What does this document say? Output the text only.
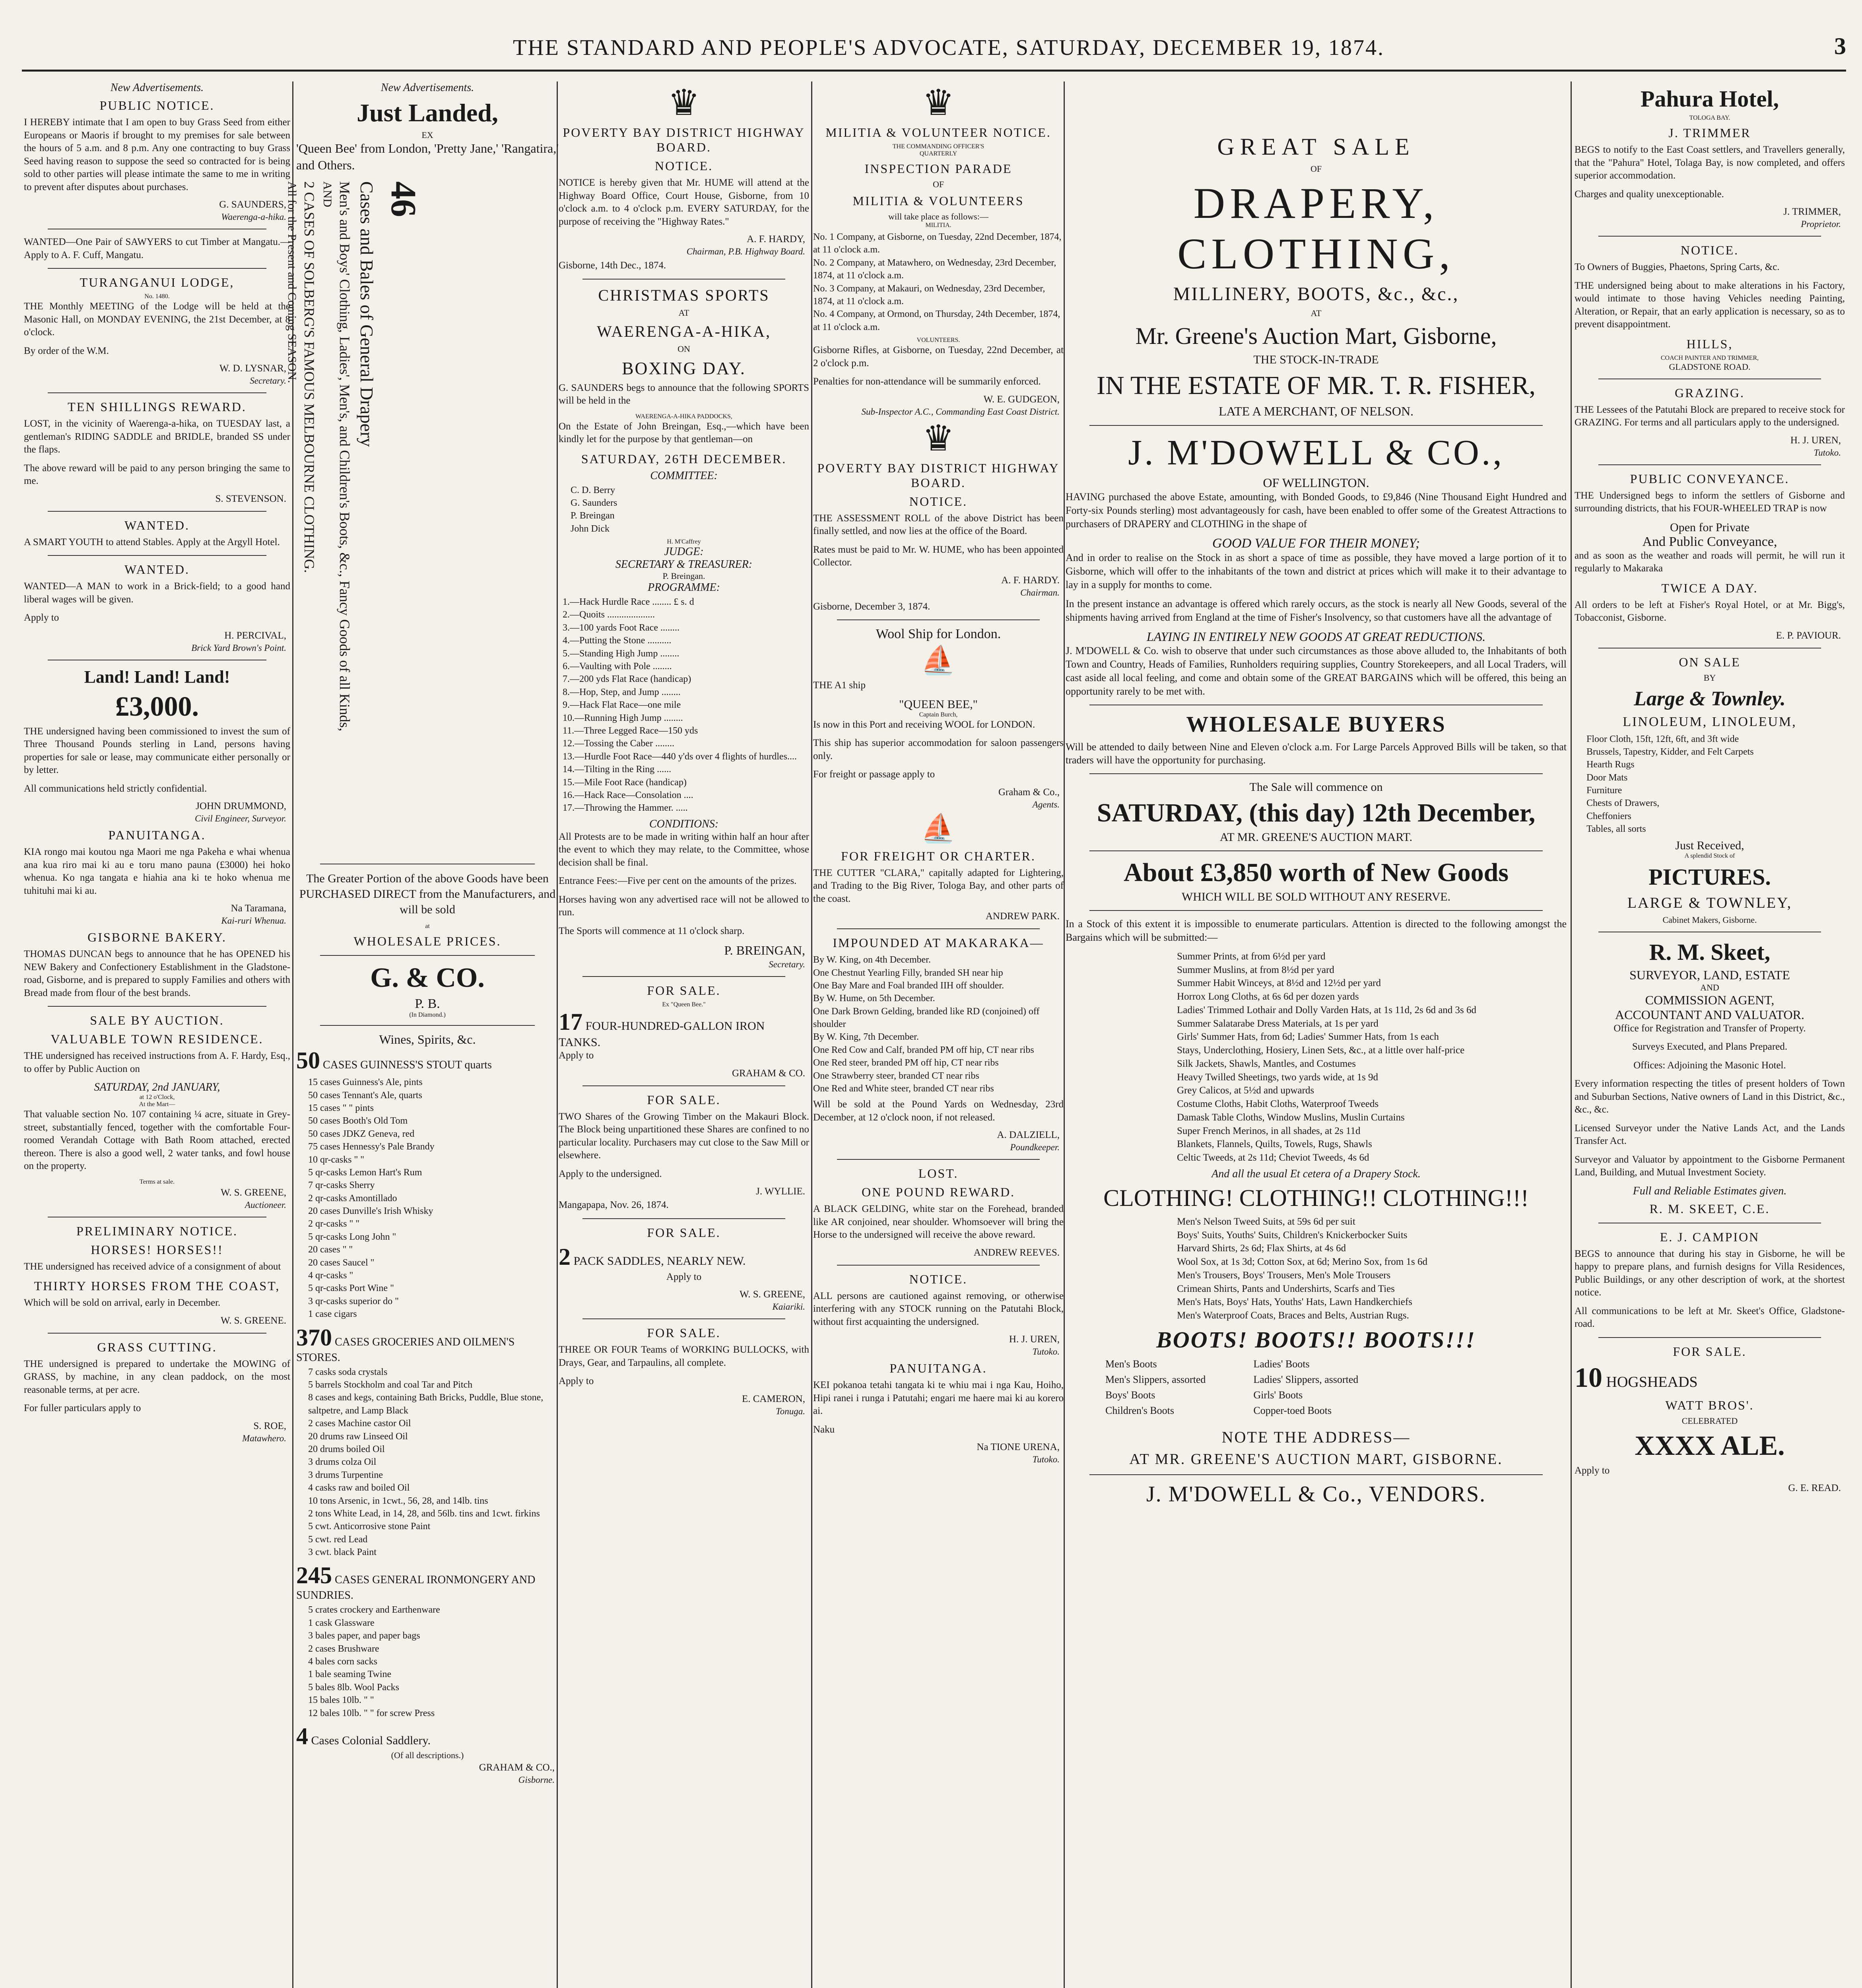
THE STANDARD AND PEOPLE'S ADVOCATE, SATURDAY, DECEMBER 19, 1874.	3
New Advertisements.
PUBLIC NOTICE.

I HEREBY intimate that I am open to buy Grass Seed from either Europeans or Maoris if brought to my premises for sale between the hours of 5 a.m. and 8 p.m. Any one contracting to buy Grass Seed having reason to suppose the seed so contracted for is being sold to other parties will please intimate the same to me in writing to prevent after disputes about purchases.

G. SAUNDERS,
Waerenga-a-hika.

WANTED—One Pair of SAWYERS to cut Timber at Mangatu.—Apply to A. F. Cuff, Mangatu.

TURANGANUI LODGE,
No. 1480.

THE Monthly MEETING of the Lodge will be held at the Masonic Hall, on MONDAY EVENING, the 21st December, at 8 o'clock.

By order of the W.M.

W. D. LYSNAR,
Secretary.
TEN SHILLINGS REWARD.

LOST, in the vicinity of Waerenga-a-hika, on TUESDAY last, a gentleman's RIDING SADDLE and BRIDLE, branded SS under the flaps.

The above reward will be paid to any person bringing the same to me.

S. STEVENSON.
WANTED.

A SMART YOUTH to attend Stables. Apply at the Argyll Hotel.

WANTED.

WANTED—A MAN to work in a Brick-field; to a good hand liberal wages will be given.

Apply to

H. PERCIVAL,
Brick Yard Brown's Point.
Land! Land! Land!
£3,000.

THE undersigned having been commissioned to invest the sum of Three Thousand Pounds sterling in Land, persons having properties for sale or lease, may communicate either personally or by letter.

All communications held strictly confidential.

JOHN DRUMMOND,
Civil Engineer, Surveyor.
PANUITANGA.

KIA rongo mai koutou nga Maori me nga Pakeha e whai whenua ana kua riro mai ki au e toru mano pauna (£3000) hei hoko whenua. Ko nga tangata e hiahia ana ki te hoko whenua me tuhituhi mai ki au.

Na Taramana,
Kai-ruri Whenua.
GISBORNE BAKERY.

THOMAS DUNCAN begs to announce that he has OPENED his NEW Bakery and Confectionery Establishment in the Gladstone-road, Gisborne, and is prepared to supply Families and others with Bread made from flour of the best brands.

SALE BY AUCTION.
VALUABLE TOWN RESIDENCE.

THE undersigned has received instructions from A. F. Hardy, Esq., to offer by Public Auction on

SATURDAY, 2nd JANUARY,
at 12 o'Clock,
At the Mart—

That valuable section No. 107 containing ¼ acre, situate in Grey-street, substantially fenced, together with the comfortable Four-roomed Verandah Cottage with Bath Room attached, erected thereon. There is also a good well, 2 water tanks, and fowl house on the property.

Terms at sale.
W. S. GREENE,
Auctioneer.
PRELIMINARY NOTICE.
HORSES! HORSES!!

THE undersigned has received advice of a consignment of about

THIRTY HORSES FROM THE COAST,

Which will be sold on arrival, early in December.

W. S. GREENE.
GRASS CUTTING.

THE undersigned is prepared to undertake the MOWING of GRASS, by machine, in any clean paddock, on the most reasonable terms, at per acre.

For fuller particulars apply to

S. ROE,
Matawhero.
New Advertisements.
Just Landed,
EX

'Queen Bee' from London, 'Pretty Jane,' 'Rangatira,' and Others.

46
Cases and Bales of General Drapery
Men's and Boys' Clothing, Ladies', Men's, and Children's Boots, &c., Fancy Goods of all Kinds,
AND
2 CASES OF SOLBERG'S FAMOUS MELBOURNE CLOTHING.
All for the Present and Coming SEASON.

The Greater Portion of the above Goods have been PURCHASED DIRECT from the Manufacturers, and will be sold

at
WHOLESALE PRICES.
G. & CO.
P. B.
(In Diamond.)
Wines, Spirits, &c.
50 CASES GUINNESS'S STOUT quarts
15 cases Guinness's Ale, pints
50 cases Tennant's Ale, quarts
15 cases " " pints
50 cases Booth's Old Tom
50 cases JDKZ Geneva, red
75 cases Hennessy's Pale Brandy
10 qr-casks " "
5 qr-casks Lemon Hart's Rum
7 qr-casks Sherry
2 qr-casks Amontillado
20 cases Dunville's Irish Whisky
2 qr-casks " "
5 qr-casks Long John "
20 cases " "
20 cases Saucel "
4 qr-casks "
5 qr-casks Port Wine "
3 qr-casks superior do "
1 case cigars
370 CASES GROCERIES AND OILMEN'S STORES.
7 casks soda crystals
5 barrels Stockholm and coal Tar and Pitch
8 cases and kegs, containing Bath Bricks, Puddle, Blue stone, saltpetre, and Lamp Black
2 cases Machine castor Oil
20 drums raw Linseed Oil
20 drums boiled Oil
3 drums colza Oil
3 drums Turpentine
4 casks raw and boiled Oil
10 tons Arsenic, in 1cwt., 56, 28, and 14lb. tins
2 tons White Lead, in 14, 28, and 56lb. tins and 1cwt. firkins
5 cwt. Anticorrosive stone Paint
5 cwt. red Lead
3 cwt. black Paint
245 CASES GENERAL IRONMONGERY AND SUNDRIES.
5 crates crockery and Earthenware
1 cask Glassware
3 bales paper, and paper bags
2 cases Brushware
4 bales corn sacks
1 bale seaming Twine
5 bales 8lb. Wool Packs
15 bales 10lb. " "
12 bales 10lb. " " for screw Press
4 Cases Colonial Saddlery.
(Of all descriptions.)
GRAHAM & CO.,
Gisborne.
♛
POVERTY BAY DISTRICT HIGHWAY BOARD.
NOTICE.

NOTICE is hereby given that Mr. HUME will attend at the Highway Board Office, Court House, Gisborne, from 10 o'clock a.m. to 4 o'clock p.m. EVERY SATURDAY, for the purpose of receiving the "Highway Rates."

A. F. HARDY,
Chairman, P.B. Highway Board.

Gisborne, 14th Dec., 1874.

CHRISTMAS SPORTS
AT
WAERENGA-A-HIKA,
ON
BOXING DAY.

G. SAUNDERS begs to announce that the following SPORTS will be held in the

WAERENGA-A-HIKA PADDOCKS,

On the Estate of John Breingan, Esq.,—which have been kindly let for the purpose by that gentleman—on

SATURDAY, 26TH DECEMBER.
COMMITTEE:
C. D. Berry
G. Saunders
P. Breingan
John Dick
H. M'Caffrey
JUDGE:
SECRETARY & TREASURER:
P. Breingan.
PROGRAMME:
1.—Hack Hurdle Race ........ £ s. d
2.—Quoits ....................
3.—100 yards Foot Race ........
4.—Putting the Stone ..........
5.—Standing High Jump ........
6.—Vaulting with Pole ........
7.—200 yds Flat Race (handicap)
8.—Hop, Step, and Jump ........
9.—Hack Flat Race—one mile
10.—Running High Jump ........
11.—Three Legged Race—150 yds
12.—Tossing the Caber ........
13.—Hurdle Foot Race—440 y'ds over 4 flights of hurdles....
14.—Tilting in the Ring ......
15.—Mile Foot Race (handicap)
16.—Hack Race—Consolation ....
17.—Throwing the Hammer. .....
CONDITIONS:

All Protests are to be made in writing within half an hour after the event to which they may relate, to the Committee, whose decision shall be final.

Entrance Fees:—Five per cent on the amounts of the prizes.

Horses having won any advertised race will not be allowed to run.

The Sports will commence at 11 o'clock sharp.

P. BREINGAN,
Secretary.
FOR SALE.
Ex "Queen Bee."
17 FOUR-HUNDRED-GALLON IRON TANKS.

Apply to

GRAHAM & CO.
FOR SALE.

TWO Shares of the Growing Timber on the Makauri Block. The Block being unpartitioned these Shares are confined to no particular locality. Purchasers may cut close to the Saw Mill or elsewhere.

Apply to the undersigned.

J. WYLLIE.

Mangapapa, Nov. 26, 1874.

FOR SALE.
2 PACK SADDLES, NEARLY NEW.

Apply to

W. S. GREENE,
Kaiariki.
FOR SALE.

THREE OR FOUR Teams of WORKING BULLOCKS, with Drays, Gear, and Tarpaulins, all complete.

Apply to

E. CAMERON,
Tonuga.
♛
MILITIA & VOLUNTEER NOTICE.
THE COMMANDING OFFICER'S
QUARTERLY
INSPECTION PARADE
OF
MILITIA & VOLUNTEERS
will take place as follows:—
MILITIA.
No. 1 Company, at Gisborne, on Tuesday, 22nd December, 1874, at 11 o'clock a.m.
No. 2 Company, at Matawhero, on Wednesday, 23rd December, 1874, at 11 o'clock a.m.
No. 3 Company, at Makauri, on Wednesday, 23rd December, 1874, at 11 o'clock a.m.
No. 4 Company, at Ormond, on Thursday, 24th December, 1874, at 11 o'clock a.m.
VOLUNTEERS.

Gisborne Rifles, at Gisborne, on Tuesday, 22nd December, at 2 o'clock p.m.

Penalties for non-attendance will be summarily enforced.

W. E. GUDGEON,
Sub-Inspector A.C., Commanding East Coast District.
♛
POVERTY BAY DISTRICT HIGHWAY BOARD.
NOTICE.

THE ASSESSMENT ROLL of the above District has been finally settled, and now lies at the office of the Board.

Rates must be paid to Mr. W. HUME, who has been appointed Collector.

A. F. HARDY.
Chairman.

Gisborne, December 3, 1874.

Wool Ship for London.
⛵

THE A1 ship

"QUEEN BEE,"
Captain Burch,

Is now in this Port and receiving WOOL for LONDON.

This ship has superior accommodation for saloon passengers only.

For freight or passage apply to

Graham & Co.,
Agents.
⛵
FOR FREIGHT OR CHARTER.

THE CUTTER "CLARA," capitally adapted for Lightering, and Trading to the Big River, Tologa Bay, and other parts of the coast.

ANDREW PARK.
IMPOUNDED AT MAKARAKA—
By W. King, on 4th December.
One Chestnut Yearling Filly, branded SH near hip
One Bay Mare and Foal branded IIH off shoulder.
By W. Hume, on 5th December.
One Dark Brown Gelding, branded like RD (conjoined) off shoulder
By W. King, 7th December.
One Red Cow and Calf, branded PM off hip, CT near ribs
One Red steer, branded PM off hip, CT near ribs
One Strawberry steer, branded CT near ribs
One Red and White steer, branded CT near ribs

Will be sold at the Pound Yards on Wednesday, 23rd December, at 12 o'clock noon, if not released.

A. DALZIELL,
Poundkeeper.
LOST.
ONE POUND REWARD.

A BLACK GELDING, white star on the Forehead, branded like AR conjoined, near shoulder. Whomsoever will bring the Horse to the undersigned will receive the above reward.

ANDREW REEVES.
NOTICE.

ALL persons are cautioned against removing, or otherwise interfering with any STOCK running on the Patutahi Block, without first acquainting the undersigned.

H. J. UREN,
Tutoko.
PANUITANGA.

KEI pokanoa tetahi tangata ki te whiu mai i nga Kau, Hoiho, Hipi ranei i runga i Patutahi; engari me haere mai ki au korero ai.

Naku

Na TIONE URENA,
Tutoko.
GREAT SALE
OF
DRAPERY, CLOTHING,
MILLINERY, BOOTS, &c., &c.,
AT
Mr. Greene's Auction Mart, Gisborne,
THE STOCK-IN-TRADE
IN THE ESTATE OF MR. T. R. FISHER,
LATE A MERCHANT, OF NELSON.
J. M'DOWELL & CO.,
OF WELLINGTON.

HAVING purchased the above Estate, amounting, with Bonded Goods, to £9,846 (Nine Thousand Eight Hundred and Forty-six Pounds sterling) most advantageously for cash, have been enabled to offer some of the Greatest Attractions to purchasers of DRAPERY and CLOTHING in the shape of

GOOD VALUE FOR THEIR MONEY;

And in order to realise on the Stock in as short a space of time as possible, they have moved a large portion of it to Gisborne, which will offer to the inhabitants of the town and district at prices which will make it to their advantage to lay in a supply for months to come.

In the present instance an advantage is offered which rarely occurs, as the stock is nearly all New Goods, several of the shipments having arrived from England at the time of Fisher's Insolvency, so that customers have all the advantage of

LAYING IN ENTIRELY NEW GOODS AT GREAT REDUCTIONS.

J. M'DOWELL & Co. wish to observe that under such circumstances as those above alluded to, the Inhabitants of both Town and Country, Heads of Families, Runholders requiring supplies, Country Storekeepers, and all Local Traders, will cast aside all local feeling, and come and obtain some of the GREAT BARGAINS which will be offered, this being an opportunity rarely to be met with.

WHOLESALE BUYERS

Will be attended to daily between Nine and Eleven o'clock a.m. For Large Parcels Approved Bills will be taken, so that traders will have the opportunity for purchasing.

The Sale will commence on
SATURDAY, (this day) 12th December,
AT MR. GREENE'S AUCTION MART.
About £3,850 worth of New Goods
WHICH WILL BE SOLD WITHOUT ANY RESERVE.

In a Stock of this extent it is impossible to enumerate particulars. Attention is directed to the following amongst the Bargains which will be submitted:—

Summer Prints, at from 6½d per yard
Summer Muslins, at from 8½d per yard
Summer Habit Winceys, at 8½d and 12½d per yard
Horrox Long Cloths, at 6s 6d per dozen yards
Ladies' Trimmed Lothair and Dolly Varden Hats, at 1s 11d, 2s 6d and 3s 6d
Summer Salatarabe Dress Materials, at 1s per yard
Girls' Summer Hats, from 6d; Ladies' Summer Hats, from 1s each
Stays, Underclothing, Hosiery, Linen Sets, &c., at a little over half-price
Silk Jackets, Shawls, Mantles, and Costumes
Heavy Twilled Sheetings, two yards wide, at 1s 9d
Grey Calicos, at 5½d and upwards
Costume Cloths, Habit Cloths, Waterproof Tweeds
Damask Table Cloths, Window Muslins, Muslin Curtains
Super French Merinos, in all shades, at 2s 11d
Blankets, Flannels, Quilts, Towels, Rugs, Shawls
Celtic Tweeds, at 2s 11d; Cheviot Tweeds, 4s 6d
And all the usual Et cetera of a Drapery Stock.
CLOTHING! CLOTHING!! CLOTHING!!!
Men's Nelson Tweed Suits, at 59s 6d per suit
Boys' Suits, Youths' Suits, Children's Knickerbocker Suits
Harvard Shirts, 2s 6d; Flax Shirts, at 4s 6d
Wool Sox, at 1s 3d; Cotton Sox, at 6d; Merino Sox, from 1s 6d
Men's Trousers, Boys' Trousers, Men's Mole Trousers
Crimean Shirts, Pants and Undershirts, Scarfs and Ties
Men's Hats, Boys' Hats, Youths' Hats, Lawn Handkerchiefs
Men's Waterproof Coats, Braces and Belts, Austrian Rugs.
BOOTS! BOOTS!! BOOTS!!!
Men's Boots
Men's Slippers, assorted
Boys' Boots
Children's Boots
Ladies' Boots
Ladies' Slippers, assorted
Girls' Boots
Copper-toed Boots
NOTE THE ADDRESS—
AT MR. GREENE'S AUCTION MART, GISBORNE.
J. M'DOWELL & Co., VENDORS.
Pahura Hotel,
TOLOGA BAY.
J. TRIMMER

BEGS to notify to the East Coast settlers, and Travellers generally, that the "Pahura" Hotel, Tolaga Bay, is now completed, and offers superior accommodation.

Charges and quality unexceptionable.

J. TRIMMER,
Proprietor.
NOTICE.

To Owners of Buggies, Phaetons, Spring Carts, &c.

THE undersigned being about to make alterations in his Factory, would intimate to those having Vehicles needing Painting, Alteration, or Repair, that an early application is necessary, so as to prevent disappointment.

HILLS,
COACH PAINTER AND TRIMMER,
GLADSTONE ROAD.
GRAZING.

THE Lessees of the Patutahi Block are prepared to receive stock for GRAZING. For terms and all particulars apply to the undersigned.

H. J. UREN,
Tutoko.
PUBLIC CONVEYANCE.

THE Undersigned begs to inform the settlers of Gisborne and surrounding districts, that his FOUR-WHEELED TRAP is now

Open for Private
And Public Conveyance,

and as soon as the weather and roads will permit, he will run it regularly to Makaraka

TWICE A DAY.

All orders to be left at Fisher's Royal Hotel, or at Mr. Bigg's, Tobacconist, Gisborne.

E. P. PAVIOUR.
ON SALE
BY
Large & Townley.
LINOLEUM, LINOLEUM,
Floor Cloth, 15ft, 12ft, 6ft, and 3ft wide
Brussels, Tapestry, Kidder, and Felt Carpets
Hearth Rugs
Door Mats
Furniture
Chests of Drawers,
Cheffoniers
Tables, all sorts
Just Received,
A splendid Stock of
PICTURES.
LARGE & TOWNLEY,
Cabinet Makers, Gisborne.
R. M. Skeet,
SURVEYOR, LAND, ESTATE
AND
COMMISSION AGENT,
ACCOUNTANT AND VALUATOR.

Office for Registration and Transfer of Property.

Surveys Executed, and Plans Prepared.

Offices: Adjoining the Masonic Hotel.

Every information respecting the titles of present holders of Town and Suburban Sections, Native owners of Land in this District, &c., &c., &c.

Licensed Surveyor under the Native Lands Act, and the Lands Transfer Act.

Surveyor and Valuator by appointment to the Gisborne Permanent Land, Building, and Mutual Investment Society.

Full and Reliable Estimates given.
R. M. SKEET, C.E.
E. J. CAMPION

BEGS to announce that during his stay in Gisborne, he will be happy to prepare plans, and furnish designs for Villa Residences, Public Buildings, or any other description of work, at the shortest notice.

All communications to be left at Mr. Skeet's Office, Gladstone-road.

FOR SALE.
10 HOGSHEADS
WATT BROS'.
CELEBRATED
XXXX ALE.

Apply to

G. E. READ.
